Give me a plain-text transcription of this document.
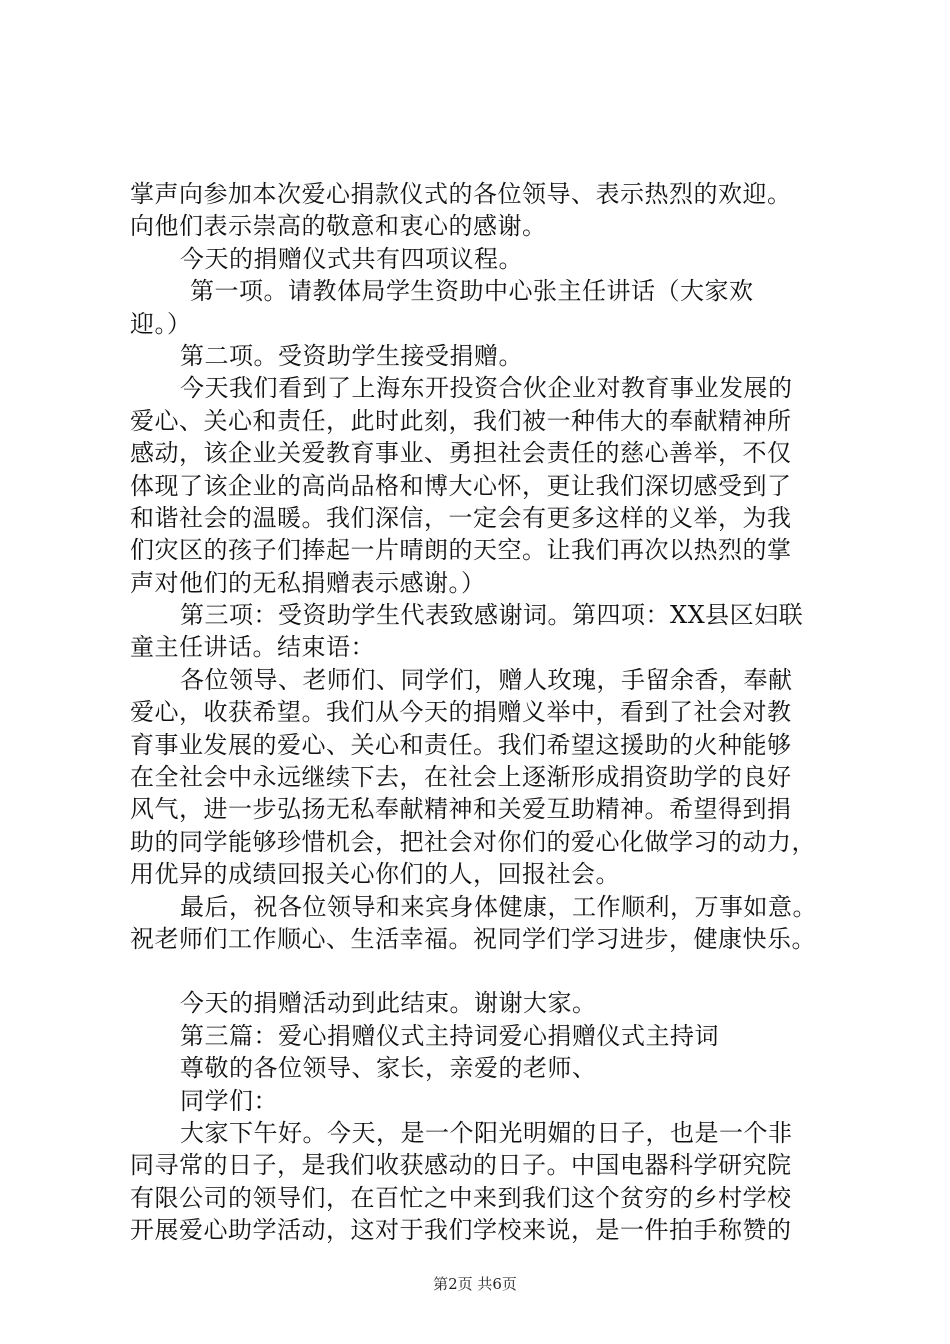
掌声向参加本次爱心捐款仪式的各位领导、表示热烈的欢迎。
向他们表示崇高的敬意和衷心的感谢。
今天的捐赠仪式共有四项议程。
第一项。请教体局学生资助中心张主任讲话（大家欢
迎。）
第二项。受资助学生接受捐赠。
今天我们看到了上海东开投资合伙企业对教育事业发展的
爱心、关心和责任，此时此刻，我们被一种伟大的奉献精神所
感动，该企业关爱教育事业、勇担社会责任的慈心善举，不仅
体现了该企业的高尚品格和博大心怀，更让我们深切感受到了
和谐社会的温暖。我们深信，一定会有更多这样的义举，为我
们灾区的孩子们捧起一片晴朗的天空。让我们再次以热烈的掌
声对他们的无私捐赠表示感谢。）
第三项：受资助学生代表致感谢词。第四项：XX县区妇联
童主任讲话。结束语：
各位领导、老师们、同学们，赠人玫瑰，手留余香，奉献
爱心，收获希望。我们从今天的捐赠义举中，看到了社会对教
育事业发展的爱心、关心和责任。我们希望这援助的火种能够
在全社会中永远继续下去，在社会上逐渐形成捐资助学的良好
风气，进一步弘扬无私奉献精神和关爱互助精神。希望得到捐
助的同学能够珍惜机会，把社会对你们的爱心化做学习的动力，
用优异的成绩回报关心你们的人，回报社会。
最后，祝各位领导和来宾身体健康，工作顺利，万事如意。
祝老师们工作顺心、生活幸福。祝同学们学习进步，健康快乐。
今天的捐赠活动到此结束。谢谢大家。
第三篇：爱心捐赠仪式主持词爱心捐赠仪式主持词
尊敬的各位领导、家长，亲爱的老师、
同学们：
大家下午好。今天，是一个阳光明媚的日子，也是一个非
同寻常的日子，是我们收获感动的日子。中国电器科学研究院
有限公司的领导们，在百忙之中来到我们这个贫穷的乡村学校
开展爱心助学活动，这对于我们学校来说，是一件拍手称赞的
第2页 共6页
